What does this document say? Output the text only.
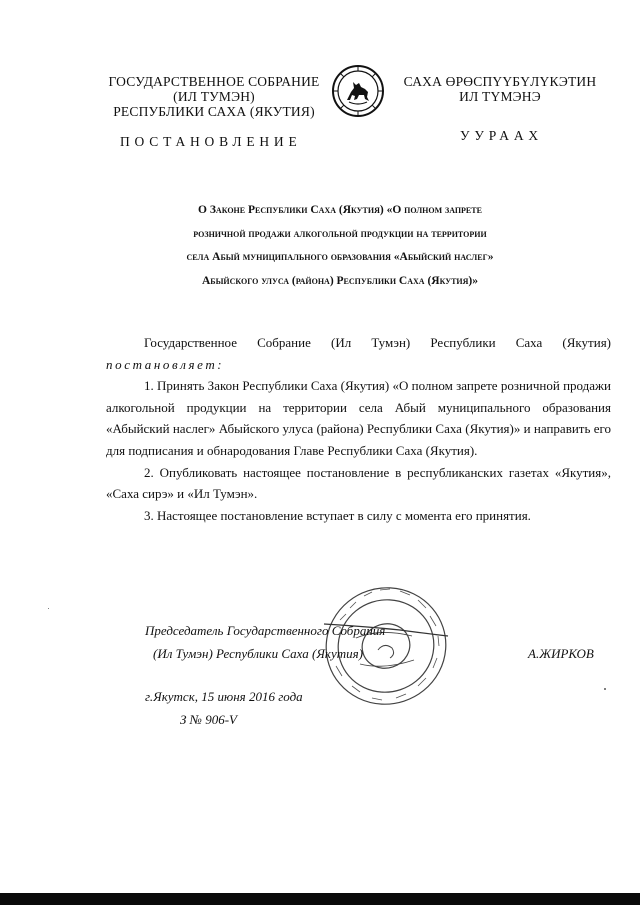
ГОСУДАРСТВЕННОЕ СОБРАНИЕ
(ИЛ ТУМЭН)
РЕСПУБЛИКИ САХА (ЯКУТИЯ)
САХА ӨРӨСПҮҮБҮЛҮКЭТИН
ИЛ ТҮМЭНЭ
ПОСТАНОВЛЕНИЕ	УУРААХ
О Законе Республики Саха (Якутия) «О полном запрете
розничной продажи алкогольной продукции на территории
села Абый муниципального образования «Абыйский наслег»
Абыйского улуса (района) Республики Саха (Якутия)»

Государственное Собрание (Ил Тумэн) Республики Саха (Якутия)

постановляет:

1. Принять Закон Республики Саха (Якутия) «О полном запрете розничной продажи алкогольной продукции на территории села Абый муниципального образования «Абыйский наслег» Абыйского улуса (района) Республики Саха (Якутия)» и направить его для подписания и обнародования Главе Республики Саха (Якутия).

2. Опубликовать настоящее постановление в республиканских газетах «Якутия», «Саха сирэ» и «Ил Тумэн».

3. Настоящее постановление вступает в силу с момента его принятия.

Председатель Государственного Собрания
(Ил Тумэн) Республики Саха (Якутия)	А.ЖИРКОВ
г.Якутск, 15 июня 2016 года
З № 906-V
